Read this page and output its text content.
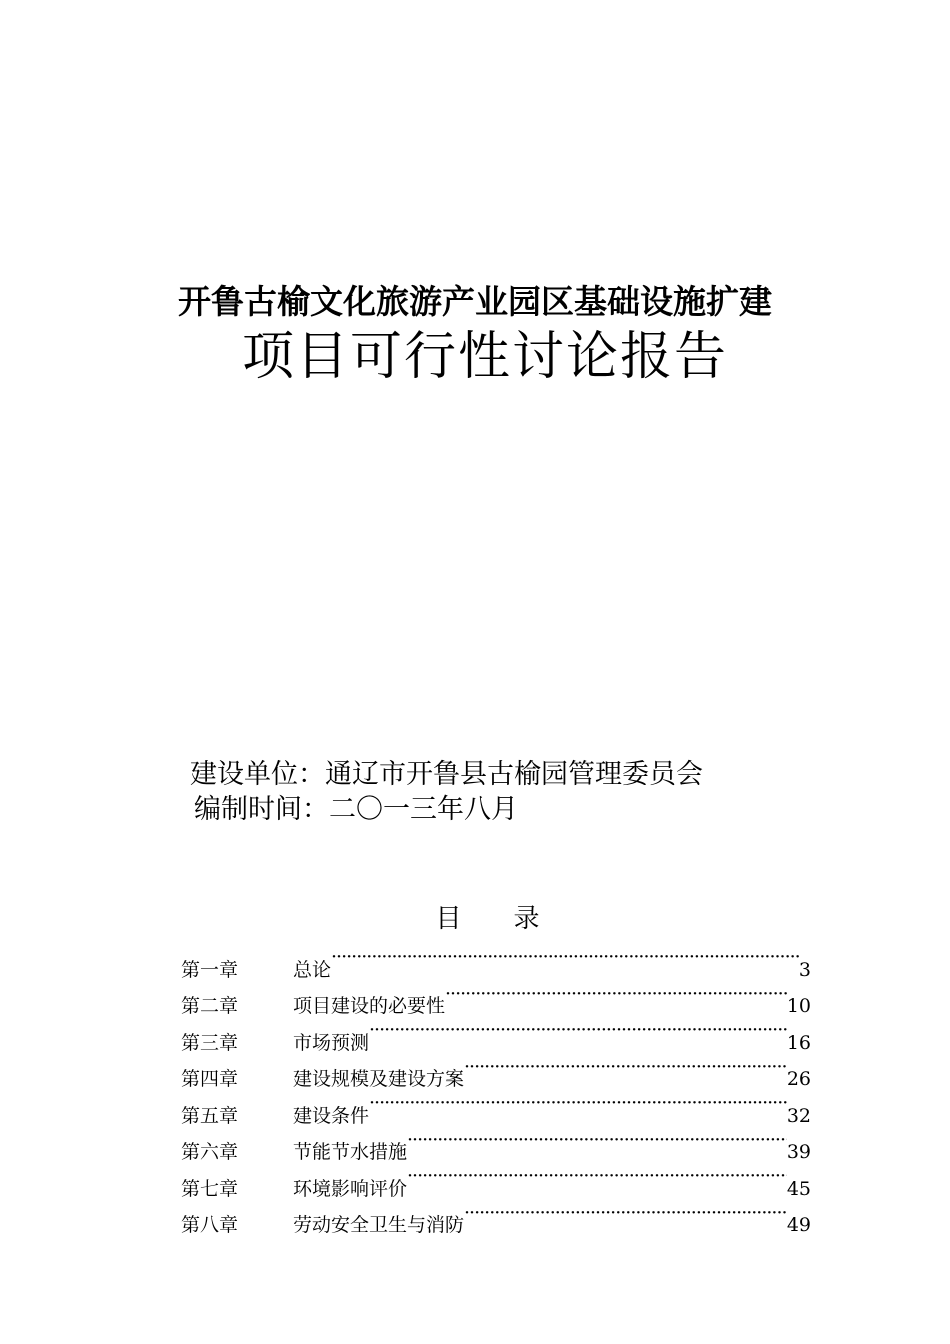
开鲁古榆文化旅游产业园区基础设施扩建
项目可行性讨论报告
建设单位：通辽市开鲁县古榆园管理委员会
编制时间：二〇一三年八月
目　　录
第一章	总论 ·····	3
第二章	项目建设的必要性 ·····	10
第三章	市场预测 ·····	16
第四章	建设规模及建设方案 ·····	26
第五章	建设条件 ·····	32
第六章	节能节水措施 ·····	39
第七章	环境影响评价 ·····	45
第八章	劳动安全卫生与消防 ·····	49
